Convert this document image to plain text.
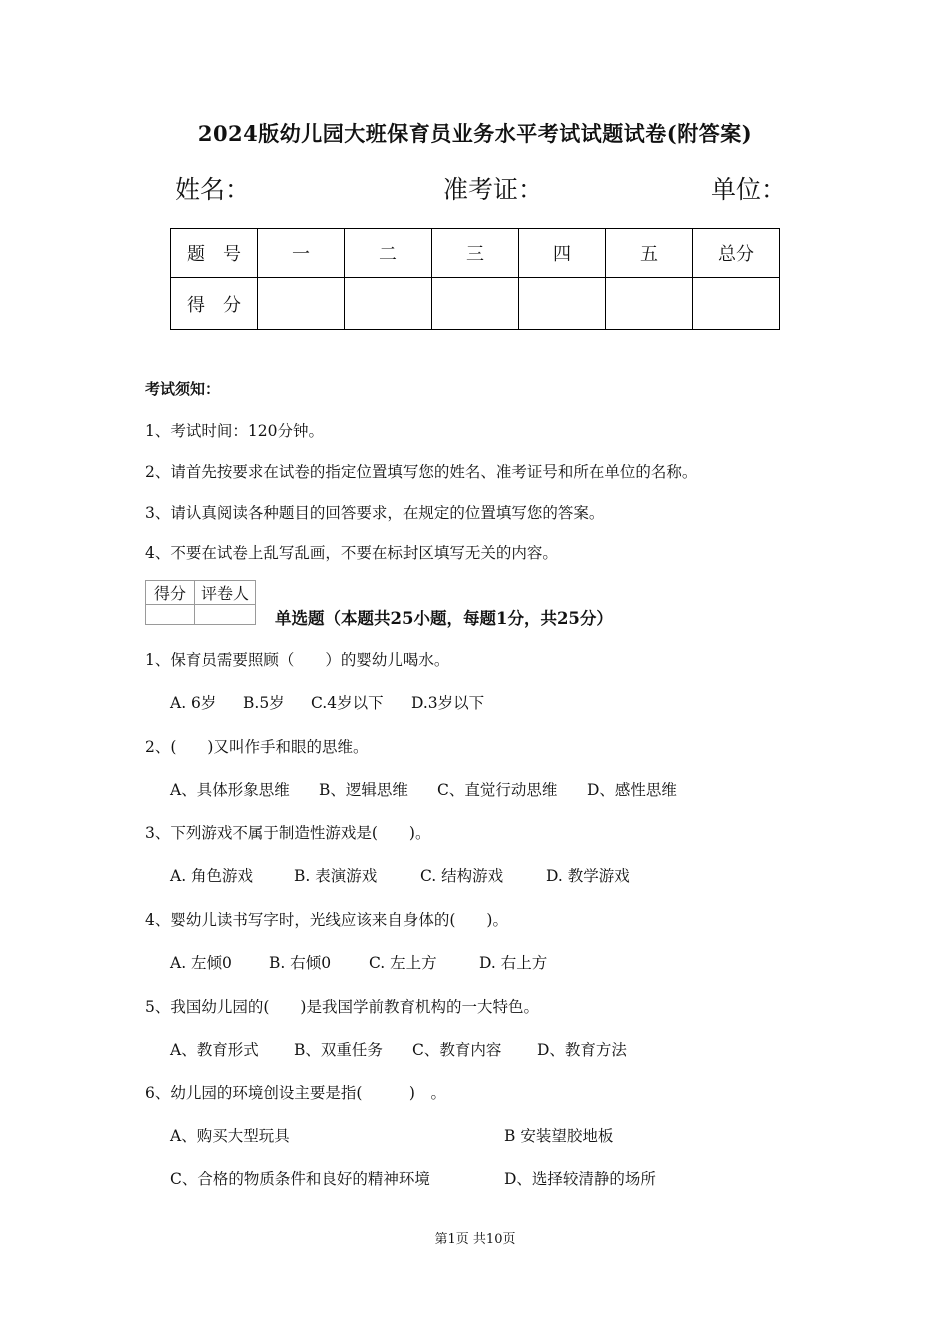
2024版幼儿园大班保育员业务水平考试试题试卷(附答案)
姓名：	准考证：	单位：
题　号	一	二	三	四	五	总分
得　分						
考试须知：
1、考试时间：120分钟。
2、请首先按要求在试卷的指定位置填写您的姓名、准考证号和所在单位的名称。
3、请认真阅读各种题目的回答要求，在规定的位置填写您的答案。
4、不要在试卷上乱写乱画，不要在标封区填写无关的内容。
得分	评卷人

单选题（本题共25小题，每题1分，共25分）
1、保育员需要照顾（　　）的婴幼儿喝水。
A. 6岁 B.5岁 C.4岁以下 D.3岁以下
2、(　　)又叫作手和眼的思维。
A、具体形象思维 B、逻辑思维 C、直觉行动思维 D、感性思维
3、下列游戏不属于制造性游戏是(　　)。
A. 角色游戏	B. 表演游戏	C. 结构游戏	D. 教学游戏
4、婴幼儿读书写字时，光线应该来自身体的(　　)。
A. 左倾0 B. 右倾0 C. 左上方	D. 右上方
5、我国幼儿园的(　　)是我国学前教育机构的一大特色。
A、教育形式 B、双重任务 C、教育内容 D、教育方法
6、幼儿园的环境创设主要是指(　　　)　。
A、购买大型玩具	B 安装望胶地板
C、合格的物质条件和良好的精神环境	D、选择较清静的场所
第1页 共10页
